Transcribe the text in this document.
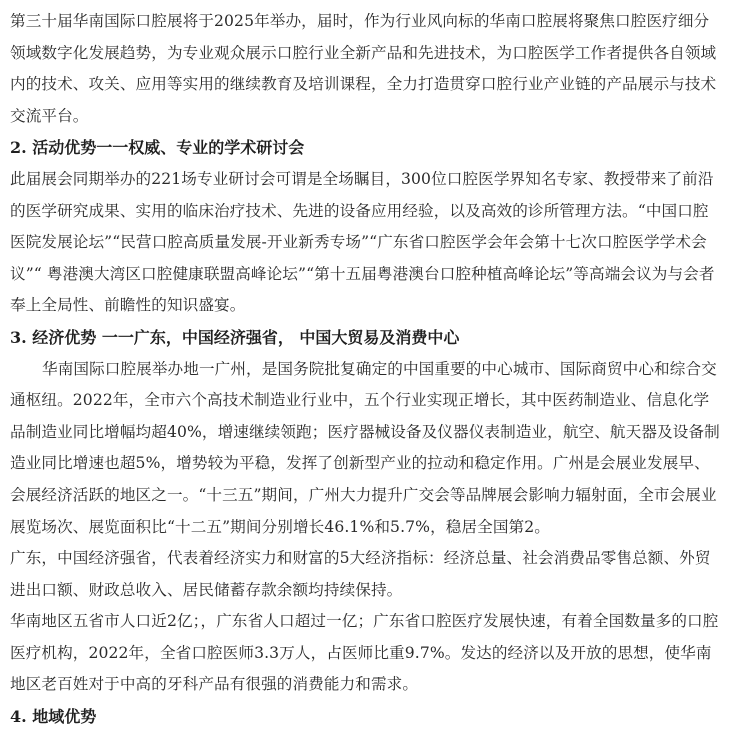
第三十届华南国际口腔展将于2025年举办，届时，作为行业风向标的华南口腔展将聚焦口腔医疗细分领域数字化发展趋势，为专业观众展示口腔行业全新产品和先进技术，为口腔医学工作者提供各自领域内的技术、攻关、应用等实用的继续教育及培训课程，全力打造贯穿口腔行业产业链的产品展示与技术交流平台。

2. 活动优势一一权威、专业的学术研讨会

此届展会同期举办的221场专业研讨会可谓是全场瞩目，300位口腔医学界知名专家、教授带来了前沿的医学研究成果、实用的临床治疗技术、先进的设备应用经验，以及高效的诊所管理方法。“中国口腔医院发展论坛”“民营口腔高质量发展-开业新秀专场”“广东省口腔医学会年会第十七次口腔医学学术会议”“ 粤港澳大湾区口腔健康联盟高峰论坛”“第十五届粤港澳台口腔种植高峰论坛”等高端会议为与会者奉上全局性、前瞻性的知识盛宴。

3. 经济优势 一一广东，中国经济强省， 中国大贸易及消费中心

华南国际口腔展举办地一广州，是国务院批复确定的中国重要的中心城市、国际商贸中心和综合交通枢纽。2022年，全市六个高技术制造业行业中，五个行业实现正增长，其中医药制造业、信息化学品制造业同比增幅均超40%，增速继续领跑；医疗器械设备及仪器仪表制造业，航空、航天器及设备制造业同比增速也超5%，增势较为平稳，发挥了创新型产业的拉动和稳定作用。广州是会展业发展早、会展经济活跃的地区之一。“十三五”期间，广州大力提升广交会等品牌展会影响力辐射面，全市会展业展览场次、展览面积比“十二五”期间分别增长46.1%和5.7%，稳居全国第2。

广东，中国经济强省，代表着经济实力和财富的5大经济指标：经济总量、社会消费品零售总额、外贸进出口额、财政总收入、居民储蓄存款余额均持续保持。

华南地区五省市人口近2亿；，广东省人口超过一亿；广东省口腔医疗发展快速，有着全国数量多的口腔医疗机构，2022年，全省口腔医师3.3万人，占医师比重9.7%。发达的经济以及开放的思想，使华南地区老百姓对于中高的牙科产品有很强的消费能力和需求。

4. 地域优势
